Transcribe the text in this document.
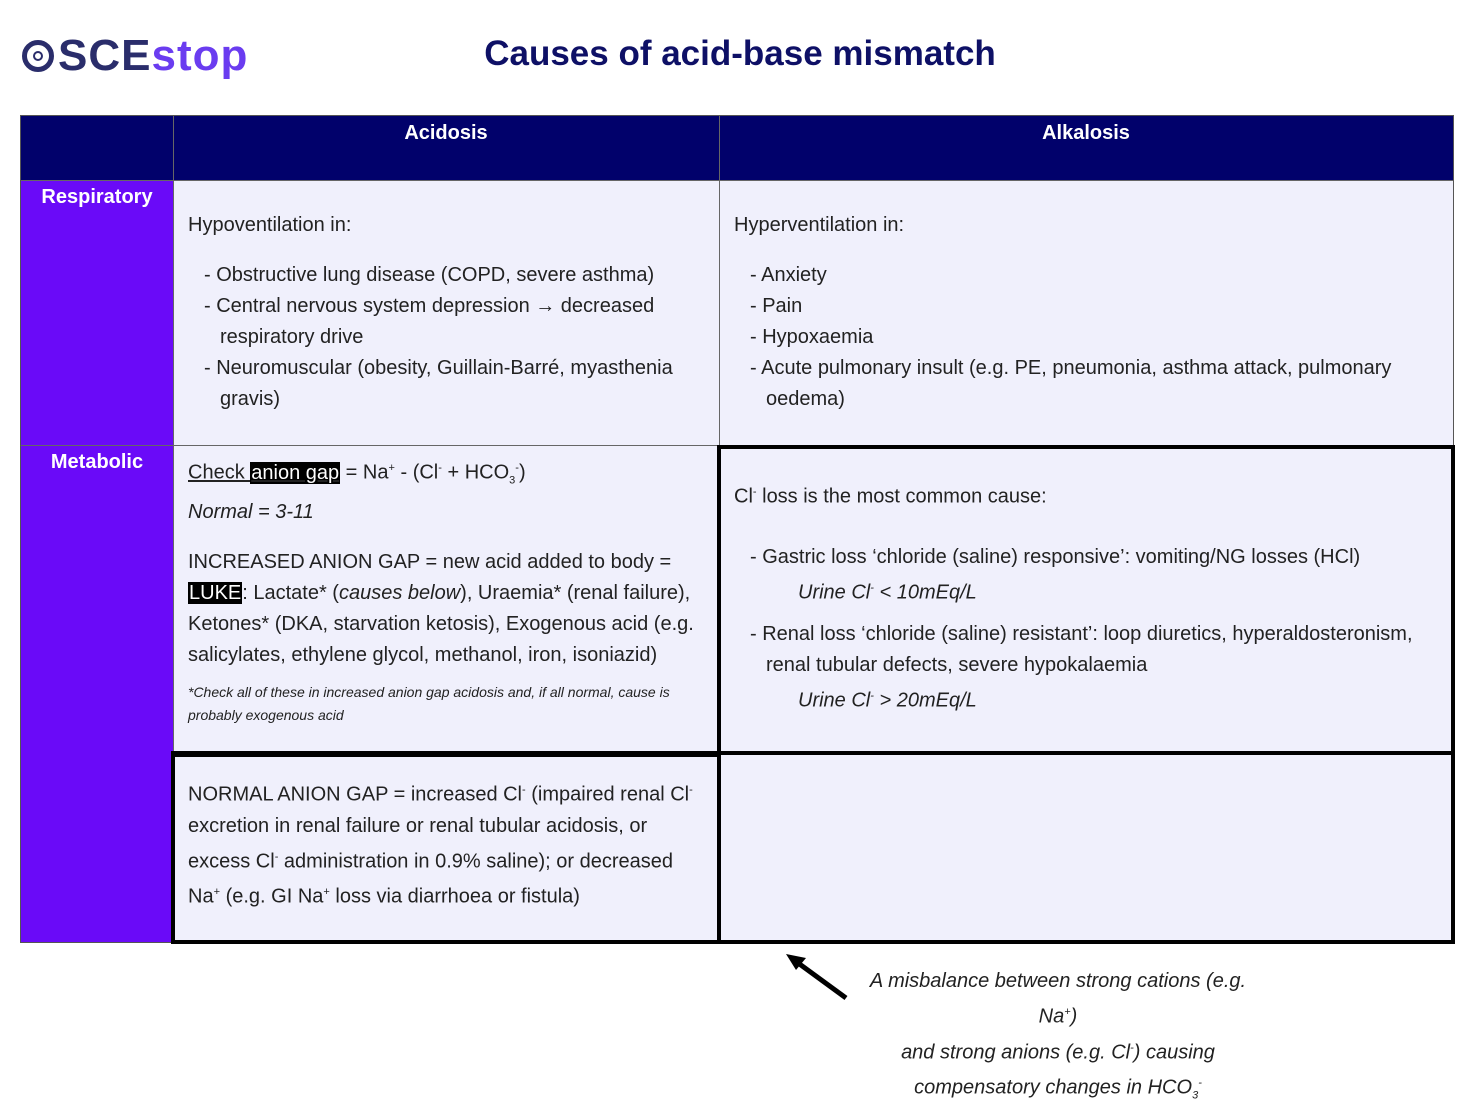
SCE stop	Causes of acid-base mismatch
Acidosis	Alkalosis
Respiratory
Metabolic
Hypoventilation in:
- Obstructive lung disease (COPD, severe asthma)
- Central nervous system depression → decreased respiratory drive
- Neuromuscular (obesity, Guillain-Barré, myasthenia gravis)
Hyperventilation in:
- Anxiety
- Pain
- Hypoxaemia
- Acute pulmonary insult (e.g. PE, pneumonia, asthma attack, pulmonary oedema)
Check anion gap = $Na^+ - (Cl^- + HCO_3^-)$
Normal = 3-11
INCREASED ANION GAP = new acid added to body = LUKE: Lactate* (causes below), Uraemia* (renal failure), Ketones* (DKA, starvation ketosis), Exogenous acid (e.g. salicylates, ethylene glycol, methanol, iron, isoniazid)
*Check all of these in increased anion gap acidosis and, if all normal, cause is probably exogenous acid
NORMAL ANION GAP = increased Cl- (impaired renal Cl- excretion in renal failure or renal tubular acidosis, or excess Cl- administration in 0.9% saline); or decreased Na+ (e.g. GI Na+ loss via diarrhoea or fistula)
Cl- loss is the most common cause:
- Gastric loss ‘chloride (saline) responsive’: vomiting/NG losses (HCl)
Urine Cl- < 10mEq/L
- Renal loss ‘chloride (saline) resistant’: loop diuretics, hyperaldosteronism, renal tubular defects, severe hypokalaemia
Urine Cl- > 20mEq/L
A misbalance between strong cations (e.g. Na+)
and strong anions (e.g. Cl-) causing
compensatory changes in $HCO_3^-$
